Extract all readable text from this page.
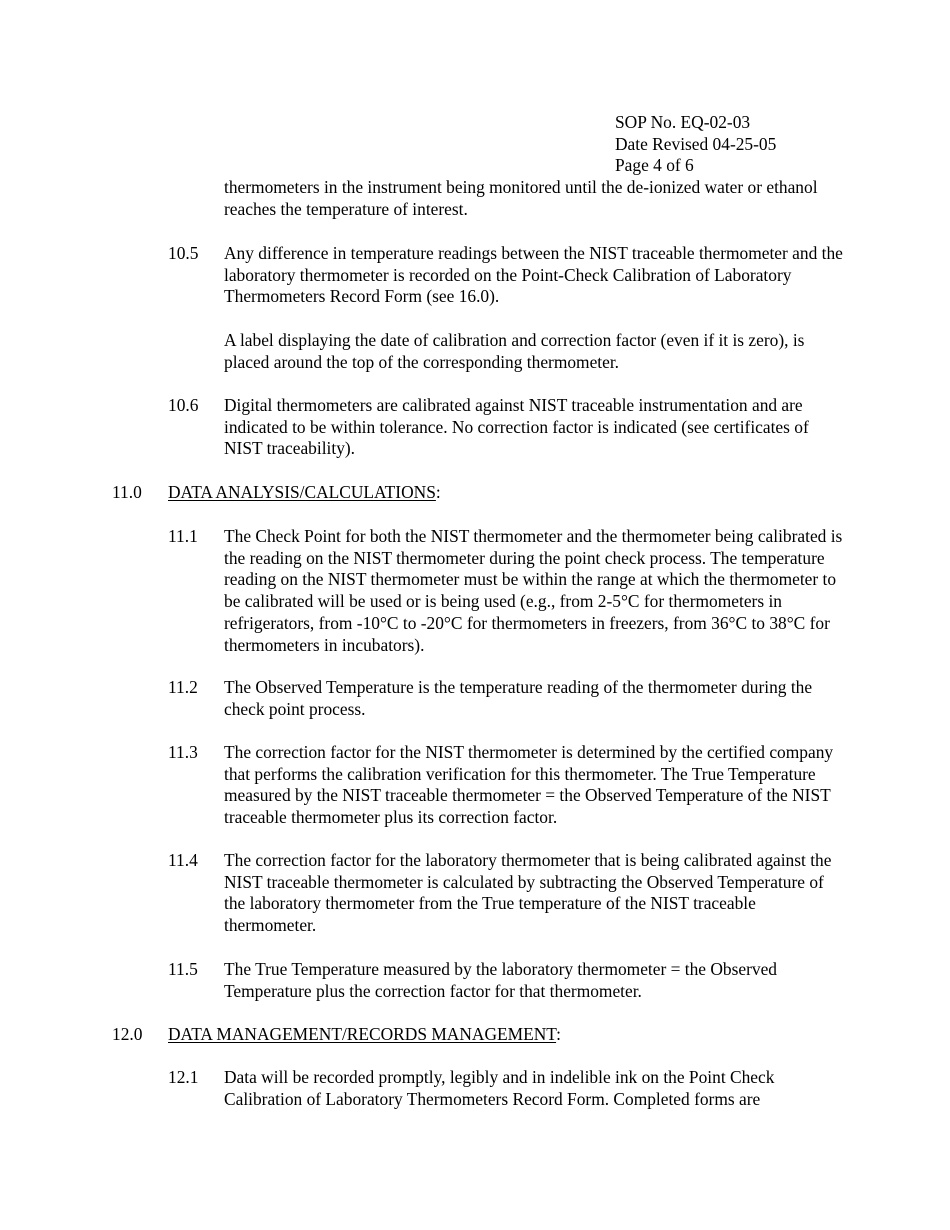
SOP No. EQ-02-03
Date Revised 04-25-05
Page 4 of 6
thermometers in the instrument being monitored until the de-ionized water or ethanol reaches the temperature of interest.
10.5 Any difference in temperature readings between the NIST traceable thermometer and the laboratory thermometer is recorded on the Point-Check Calibration of Laboratory Thermometers Record Form (see 16.0).
A label displaying the date of calibration and correction factor (even if it is zero), is placed around the top of the corresponding thermometer.
10.6 Digital thermometers are calibrated against NIST traceable instrumentation and are indicated to be within tolerance. No correction factor is indicated (see certificates of NIST traceability).
11.0 DATA ANALYSIS/CALCULATIONS:
11.1 The Check Point for both the NIST thermometer and the thermometer being calibrated is the reading on the NIST thermometer during the point check process. The temperature reading on the NIST thermometer must be within the range at which the thermometer to be calibrated will be used or is being used (e.g., from 2-5°C for thermometers in refrigerators, from -10°C to -20°C for thermometers in freezers, from 36°C to 38°C for thermometers in incubators).
11.2 The Observed Temperature is the temperature reading of the thermometer during the check point process.
11.3 The correction factor for the NIST thermometer is determined by the certified company that performs the calibration verification for this thermometer. The True Temperature measured by the NIST traceable thermometer = the Observed Temperature of the NIST traceable thermometer plus its correction factor.
11.4 The correction factor for the laboratory thermometer that is being calibrated against the NIST traceable thermometer is calculated by subtracting the Observed Temperature of the laboratory thermometer from the True temperature of the NIST traceable thermometer.
11.5 The True Temperature measured by the laboratory thermometer = the Observed Temperature plus the correction factor for that thermometer.
12.0 DATA MANAGEMENT/RECORDS MANAGEMENT:
12.1 Data will be recorded promptly, legibly and in indelible ink on the Point Check Calibration of Laboratory Thermometers Record Form. Completed forms are
